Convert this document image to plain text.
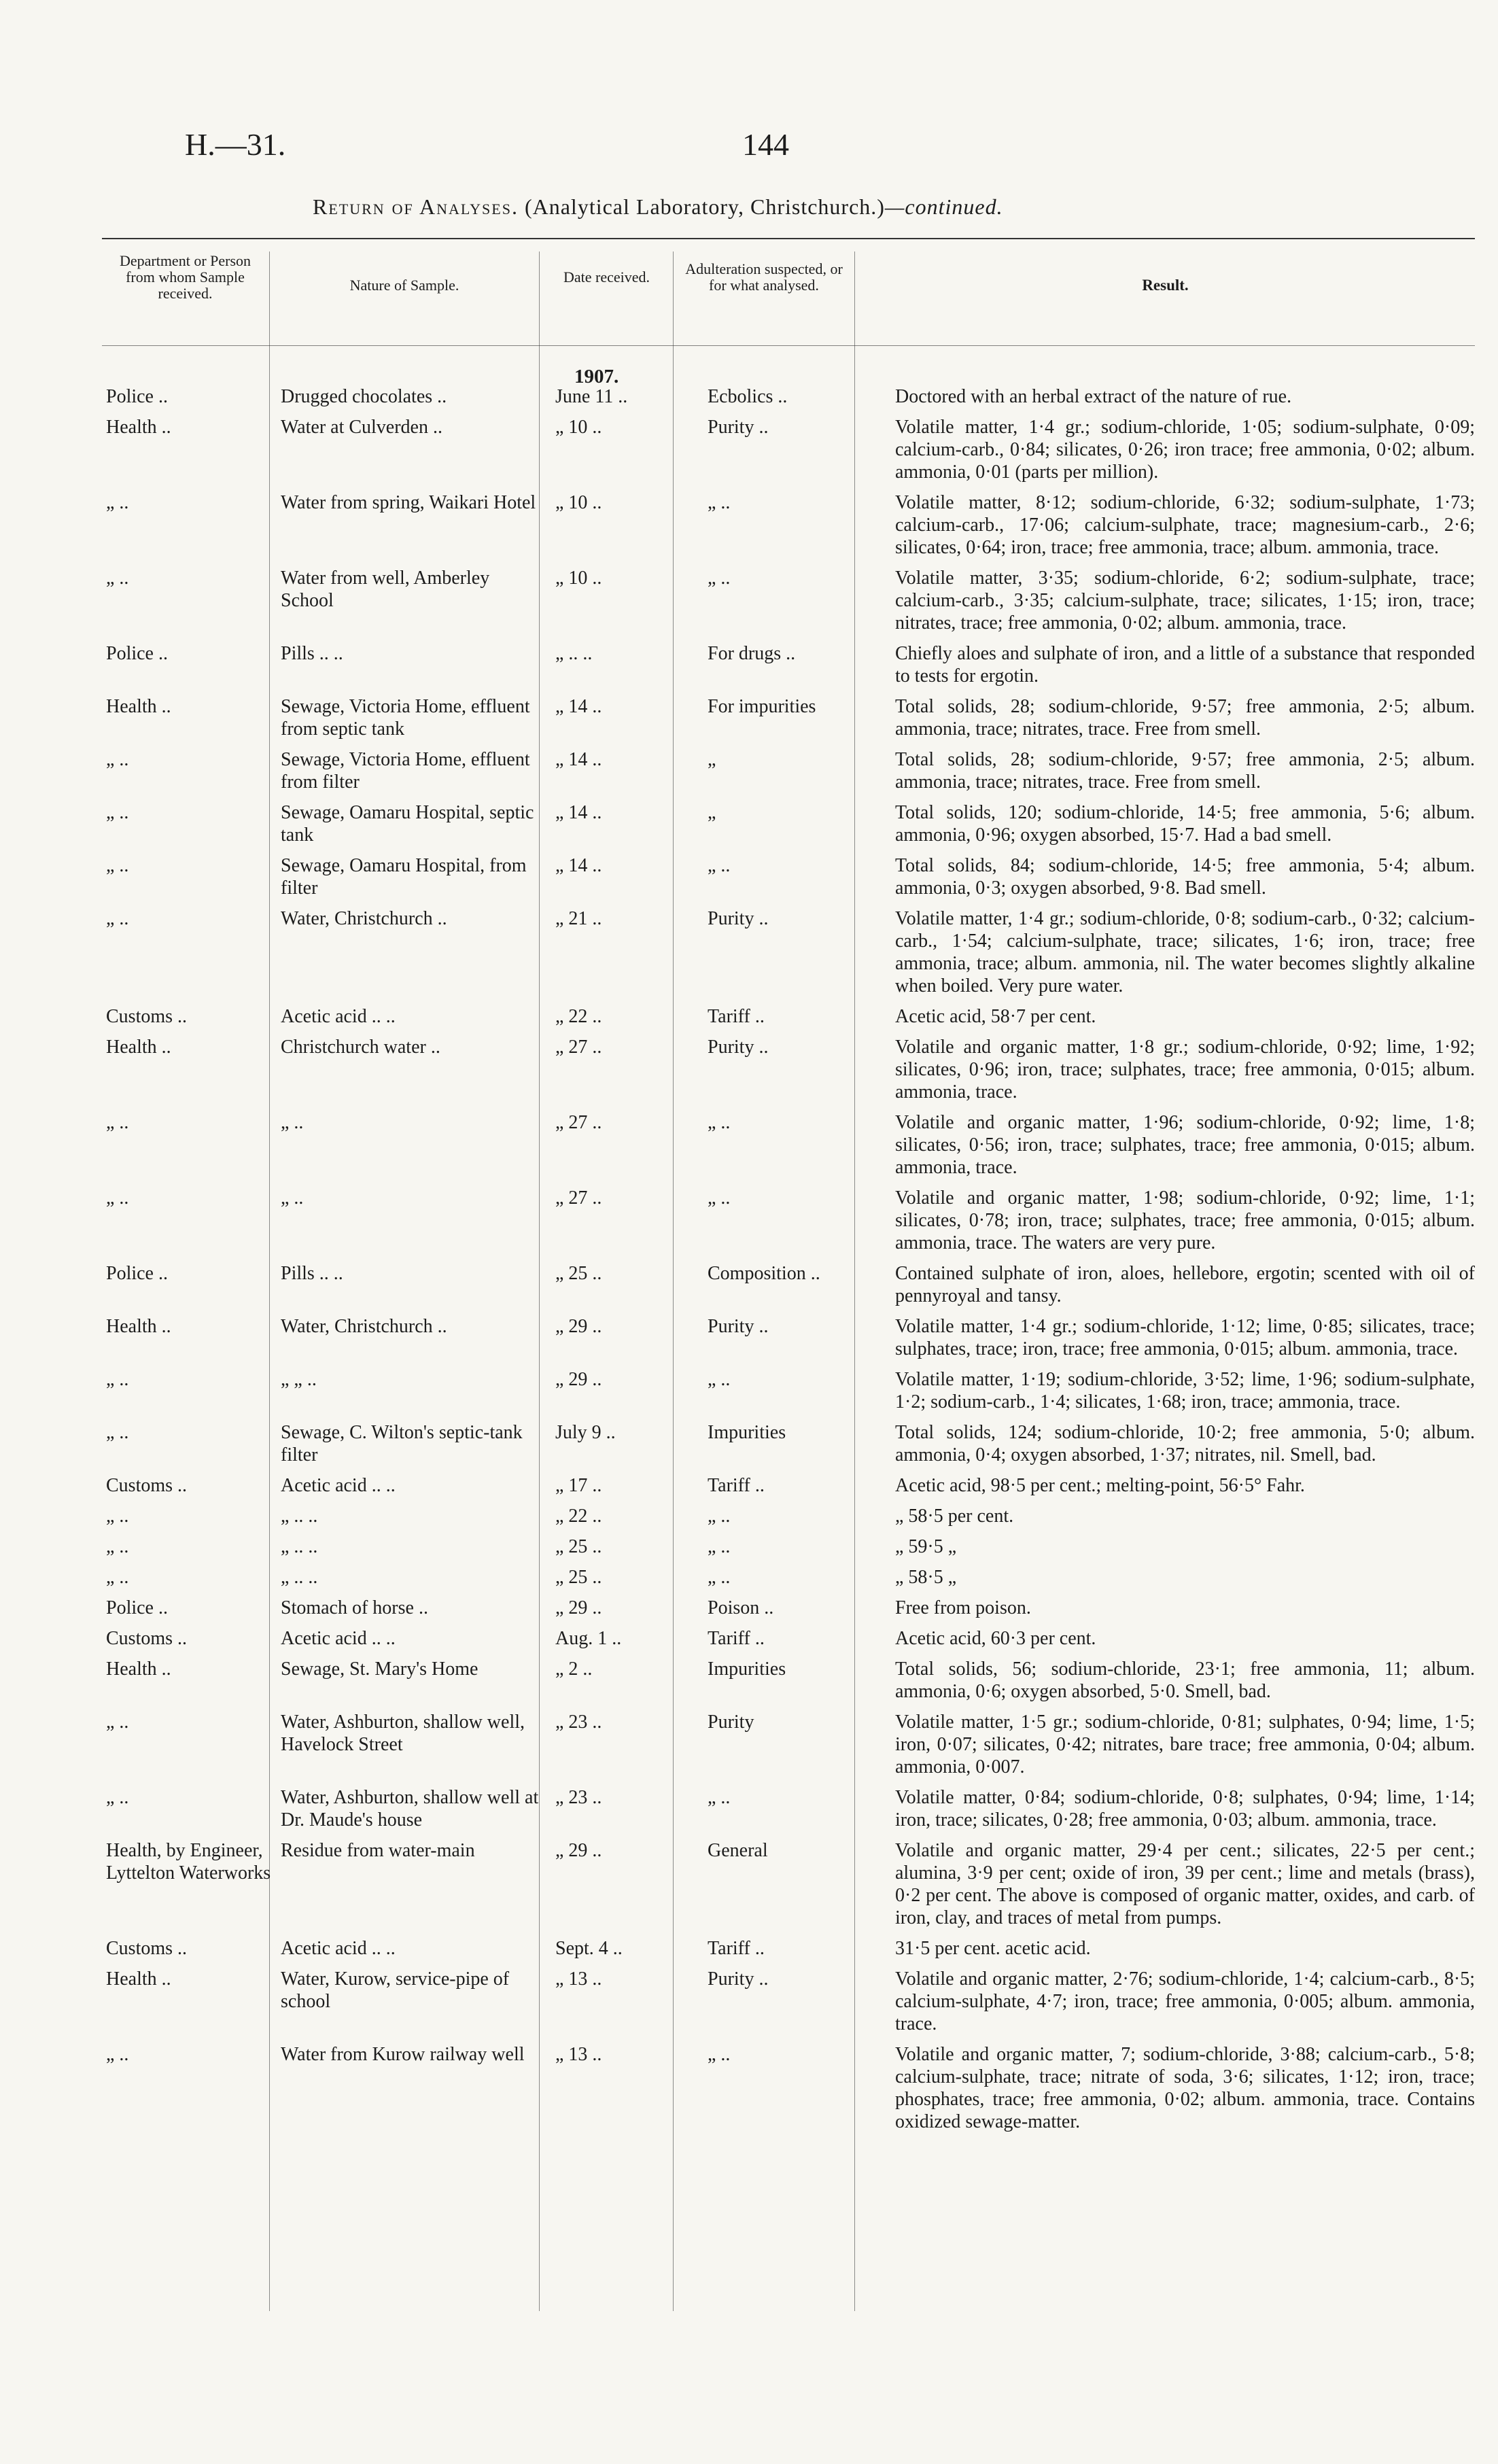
H.—31.	144
Return of Analyses. (Analytical Laboratory, Christchurch.)—continued.
Department or Person from whom Sample received.	Nature of Sample.	Date received.	Adulteration suspected, or for what analysed.	Result.
1907.
Police ..	Drugged chocolates ..	June 11 ..	Ecbolics ..	Doctored with an herbal extract of the nature of rue.
Health ..	Water at Culverden ..	„ 10 ..	Purity ..	Volatile matter, 1·4 gr.; sodium-chloride, 1·05; sodium-sulphate, 0·09; calcium-carb., 0·84; silicates, 0·26; iron trace; free ammonia, 0·02; album. ammonia, 0·01 (parts per million).
„ ..	Water from spring, Waikari Hotel	„ 10 ..	„ ..	Volatile matter, 8·12; sodium-chloride, 6·32; sodium-sulphate, 1·73; calcium-carb., 17·06; calcium-sulphate, trace; magnesium-carb., 2·6; silicates, 0·64; iron, trace; free ammonia, trace; album. ammonia, trace.
„ ..	Water from well, Amberley School	„ 10 ..	„ ..	Volatile matter, 3·35; sodium-chloride, 6·2; sodium-sulphate, trace; calcium-carb., 3·35; calcium-sulphate, trace; silicates, 1·15; iron, trace; nitrates, trace; free ammonia, 0·02; album. ammonia, trace.
Police ..	Pills .. ..	„ .. ..	For drugs ..	Chiefly aloes and sulphate of iron, and a little of a substance that responded to tests for ergotin.
Health ..	Sewage, Victoria Home, effluent from septic tank	„ 14 ..	For impurities	Total solids, 28; sodium-chloride, 9·57; free ammonia, 2·5; album. ammonia, trace; nitrates, trace. Free from smell.
„ ..	Sewage, Victoria Home, effluent from filter	„ 14 ..	„	Total solids, 28; sodium-chloride, 9·57; free ammonia, 2·5; album. ammonia, trace; nitrates, trace. Free from smell.
„ ..	Sewage, Oamaru Hospital, septic tank	„ 14 ..	„	Total solids, 120; sodium-chloride, 14·5; free ammonia, 5·6; album. ammonia, 0·96; oxygen absorbed, 15·7. Had a bad smell.
„ ..	Sewage, Oamaru Hospital, from filter	„ 14 ..	„ ..	Total solids, 84; sodium-chloride, 14·5; free ammonia, 5·4; album. ammonia, 0·3; oxygen absorbed, 9·8. Bad smell.
„ ..	Water, Christchurch ..	„ 21 ..	Purity ..	Volatile matter, 1·4 gr.; sodium-chloride, 0·8; sodium-carb., 0·32; calcium-carb., 1·54; calcium-sulphate, trace; silicates, 1·6; iron, trace; free ammonia, trace; album. ammonia, nil. The water becomes slightly alkaline when boiled. Very pure water.
Customs ..	Acetic acid .. ..	„ 22 ..	Tariff ..	Acetic acid, 58·7 per cent.
Health ..	Christchurch water ..	„ 27 ..	Purity ..	Volatile and organic matter, 1·8 gr.; sodium-chloride, 0·92; lime, 1·92; silicates, 0·96; iron, trace; sulphates, trace; free ammonia, 0·015; album. ammonia, trace.
„ ..	„ ..	„ 27 ..	„ ..	Volatile and organic matter, 1·96; sodium-chloride, 0·92; lime, 1·8; silicates, 0·56; iron, trace; sulphates, trace; free ammonia, 0·015; album. ammonia, trace.
„ ..	„ ..	„ 27 ..	„ ..	Volatile and organic matter, 1·98; sodium-chloride, 0·92; lime, 1·1; silicates, 0·78; iron, trace; sulphates, trace; free ammonia, 0·015; album. ammonia, trace. The waters are very pure.
Police ..	Pills .. ..	„ 25 ..	Composition ..	Contained sulphate of iron, aloes, hellebore, ergotin; scented with oil of pennyroyal and tansy.
Health ..	Water, Christchurch ..	„ 29 ..	Purity ..	Volatile matter, 1·4 gr.; sodium-chloride, 1·12; lime, 0·85; silicates, trace; sulphates, trace; iron, trace; free ammonia, 0·015; album. ammonia, trace.
„ ..	„ „ ..	„ 29 ..	„ ..	Volatile matter, 1·19; sodium-chloride, 3·52; lime, 1·96; sodium-sulphate, 1·2; sodium-carb., 1·4; silicates, 1·68; iron, trace; ammonia, trace.
„ ..	Sewage, C. Wilton's septic-tank filter	July 9 ..	Impurities	Total solids, 124; sodium-chloride, 10·2; free ammonia, 5·0; album. ammonia, 0·4; oxygen absorbed, 1·37; nitrates, nil. Smell, bad.
Customs ..	Acetic acid .. ..	„ 17 ..	Tariff ..	Acetic acid, 98·5 per cent.; melting-point, 56·5° Fahr.
„ ..	„ .. ..	„ 22 ..	„ ..	„ 58·5 per cent.
„ ..	„ .. ..	„ 25 ..	„ ..	„ 59·5 „
„ ..	„ .. ..	„ 25 ..	„ ..	„ 58·5 „
Police ..	Stomach of horse ..	„ 29 ..	Poison ..	Free from poison.
Customs ..	Acetic acid .. ..	Aug. 1 ..	Tariff ..	Acetic acid, 60·3 per cent.
Health ..	Sewage, St. Mary's Home	„ 2 ..	Impurities	Total solids, 56; sodium-chloride, 23·1; free ammonia, 11; album. ammonia, 0·6; oxygen absorbed, 5·0. Smell, bad.
„ ..	Water, Ashburton, shallow well, Havelock Street	„ 23 ..	Purity	Volatile matter, 1·5 gr.; sodium-chloride, 0·81; sulphates, 0·94; lime, 1·5; iron, 0·07; silicates, 0·42; nitrates, bare trace; free ammonia, 0·04; album. ammonia, 0·007.
„ ..	Water, Ashburton, shallow well at Dr. Maude's house	„ 23 ..	„ ..	Volatile matter, 0·84; sodium-chloride, 0·8; sulphates, 0·94; lime, 1·14; iron, trace; silicates, 0·28; free ammonia, 0·03; album. ammonia, trace.
Health, by Engineer, Lyttelton Waterworks	Residue from water-main	„ 29 ..	General	Volatile and organic matter, 29·4 per cent.; silicates, 22·5 per cent.; alumina, 3·9 per cent; oxide of iron, 39 per cent.; lime and metals (brass), 0·2 per cent. The above is composed of organic matter, oxides, and carb. of iron, clay, and traces of metal from pumps.
Customs ..	Acetic acid .. ..	Sept. 4 ..	Tariff ..	31·5 per cent. acetic acid.
Health ..	Water, Kurow, service-pipe of school	„ 13 ..	Purity ..	Volatile and organic matter, 2·76; sodium-chloride, 1·4; calcium-carb., 8·5; calcium-sulphate, 4·7; iron, trace; free ammonia, 0·005; album. ammonia, trace.
„ ..	Water from Kurow railway well	„ 13 ..	„ ..	Volatile and organic matter, 7; sodium-chloride, 3·88; calcium-carb., 5·8; calcium-sulphate, trace; nitrate of soda, 3·6; silicates, 1·12; iron, trace; phosphates, trace; free ammonia, 0·02; album. ammonia, trace. Contains oxidized sewage-matter.
